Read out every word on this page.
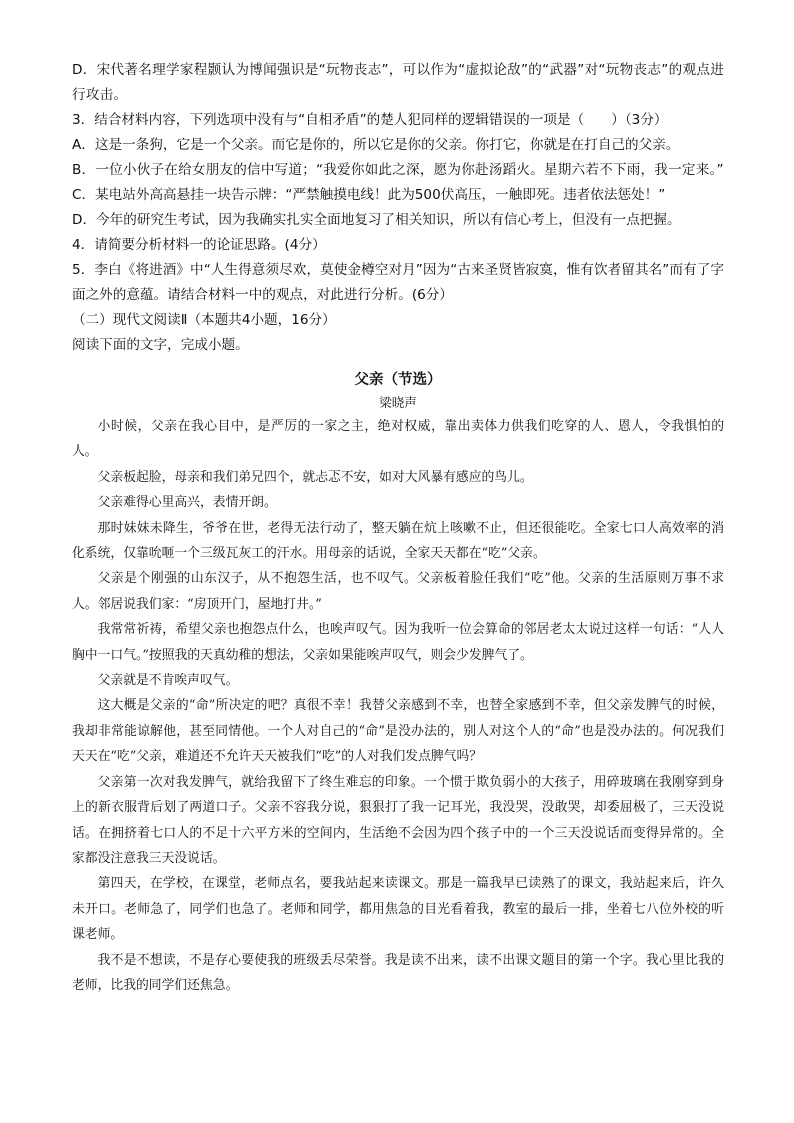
D．宋代著名理学家程颢认为博闻强识是“玩物丧志”，可以作为“虚拟论敌”的“武器”对“玩物丧志”的观点进行攻击。

3．结合材料内容，下列选项中没有与“自相矛盾”的楚人犯同样的逻辑错误的一项是（　　）（3分）

A．这是一条狗，它是一个父亲。而它是你的，所以它是你的父亲。你打它，你就是在打自己的父亲。

B．一位小伙子在给女朋友的信中写道；“我爱你如此之深，愿为你赴汤蹈火。星期六若不下雨，我一定来。”

C．某电站外高高悬挂一块告示牌：“严禁触摸电线！此为500伏高压，一触即死。违者依法惩处！”

D．今年的研究生考试，因为我确实扎实全面地复习了相关知识，所以有信心考上，但没有一点把握。

4．请简要分析材料一的论证思路。(4分）

5．李白《将进酒》中“人生得意须尽欢，莫使金樽空对月”因为“古来圣贤皆寂寞，惟有饮者留其名”而有了字面之外的意蕴。请结合材料一中的观点，对此进行分析。(6分）

（二）现代文阅读Ⅱ（本题共4小题，16分）

阅读下面的文字，完成小题。

父亲（节选）

梁晓声

小时候，父亲在我心目中，是严厉的一家之主，绝对权威，靠出卖体力供我们吃穿的人、恩人，令我惧怕的人。

父亲板起脸，母亲和我们弟兄四个，就忐忑不安，如对大风暴有感应的鸟儿。

父亲难得心里高兴，表情开朗。

那时妹妹未降生，爷爷在世，老得无法行动了，整天躺在炕上咳嗽不止，但还很能吃。全家七口人高效率的消化系统，仅靠吮咂一个三级瓦灰工的汗水。用母亲的话说，全家天天都在“吃”父亲。

父亲是个刚强的山东汉子，从不抱怨生活，也不叹气。父亲板着脸任我们“吃”他。父亲的生活原则万事不求人。邻居说我们家：“房顶开门，屋地打井。”

我常常祈祷，希望父亲也抱怨点什么，也唉声叹气。因为我听一位会算命的邻居老太太说过这样一句话：“人人胸中一口气。”按照我的天真幼稚的想法，父亲如果能唉声叹气，则会少发脾气了。

父亲就是不肯唉声叹气。

这大概是父亲的“命”所决定的吧？真很不幸！我替父亲感到不幸，也替全家感到不幸，但父亲发脾气的时候，我却非常能谅解他，甚至同情他。一个人对自己的“命”是没办法的，别人对这个人的“命”也是没办法的。何况我们天天在“吃”父亲，难道还不允许天天被我们“吃”的人对我们发点脾气吗？

父亲第一次对我发脾气，就给我留下了终生难忘的印象。一个惯于欺负弱小的大孩子，用碎玻璃在我刚穿到身上的新衣服背后划了两道口子。父亲不容我分说，狠狠打了我一记耳光，我没哭，没敢哭，却委屈极了，三天没说话。在拥挤着七口人的不足十六平方米的空间内，生活绝不会因为四个孩子中的一个三天没说话而变得异常的。全家都没注意我三天没说话。

第四天，在学校，在课堂，老师点名，要我站起来读课文。那是一篇我早已读熟了的课文，我站起来后，许久未开口。老师急了，同学们也急了。老师和同学，都用焦急的目光看着我，教室的最后一排，坐着七八位外校的听课老师。

我不是不想读，不是存心要使我的班级丢尽荣誉。我是读不出来，读不出课文题目的第一个字。我心里比我的老师，比我的同学们还焦急。
